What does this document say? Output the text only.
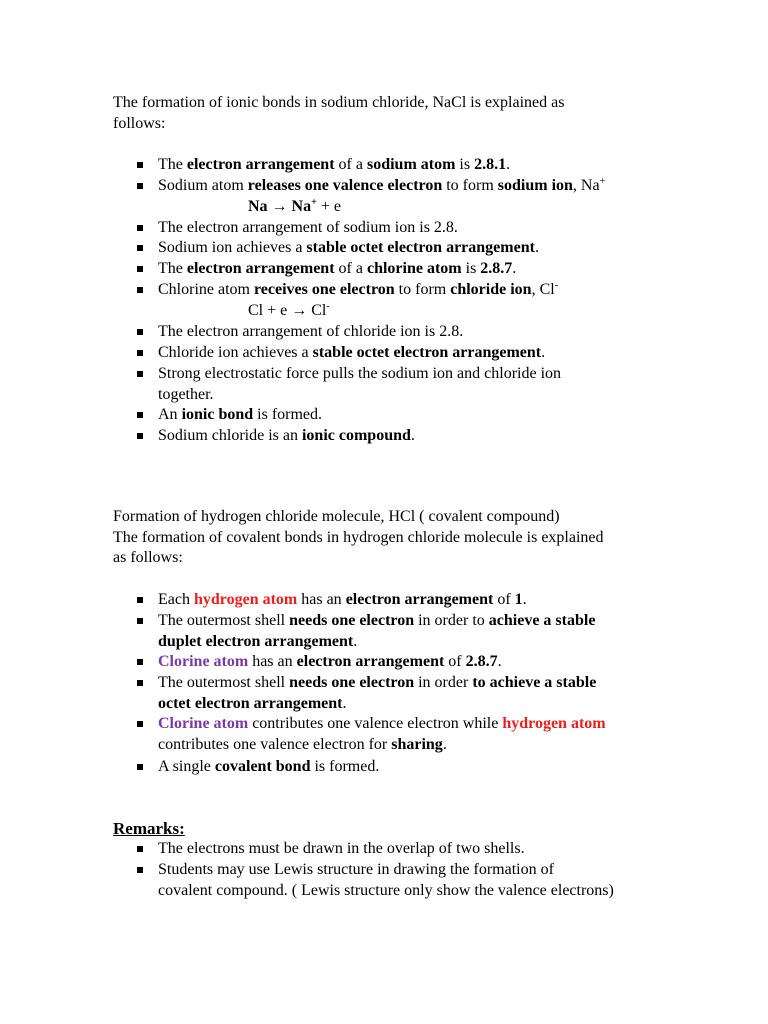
The formation of ionic bonds in sodium chloride, NaCl is explained as
follows:
The electron arrangement of a sodium atom is 2.8.1.
Sodium atom releases one valence electron to form sodium ion, Na+
Na → Na+ + e
The electron arrangement of sodium ion is 2.8.
Sodium ion achieves a stable octet electron arrangement.
The electron arrangement of a chlorine atom is 2.8.7.
Chlorine atom receives one electron to form chloride ion, Cl-
Cl + e → Cl-
The electron arrangement of chloride ion is 2.8.
Chloride ion achieves a stable octet electron arrangement.
Strong electrostatic force pulls the sodium ion and chloride ion
together.
An ionic bond is formed.
Sodium chloride is an ionic compound.
Formation of hydrogen chloride molecule, HCl ( covalent compound)
The formation of covalent bonds in hydrogen chloride molecule is explained
as follows:
Each hydrogen atom has an electron arrangement of 1.
The outermost shell needs one electron in order to achieve a stable
duplet electron arrangement.
Clorine atom has an electron arrangement of 2.8.7.
The outermost shell needs one electron in order to achieve a stable
octet electron arrangement.
Clorine atom contributes one valence electron while hydrogen atom
contributes one valence electron for sharing.
A single covalent bond is formed.
Remarks:
The electrons must be drawn in the overlap of two shells.
Students may use Lewis structure in drawing the formation of
covalent compound. ( Lewis structure only show the valence electrons)
